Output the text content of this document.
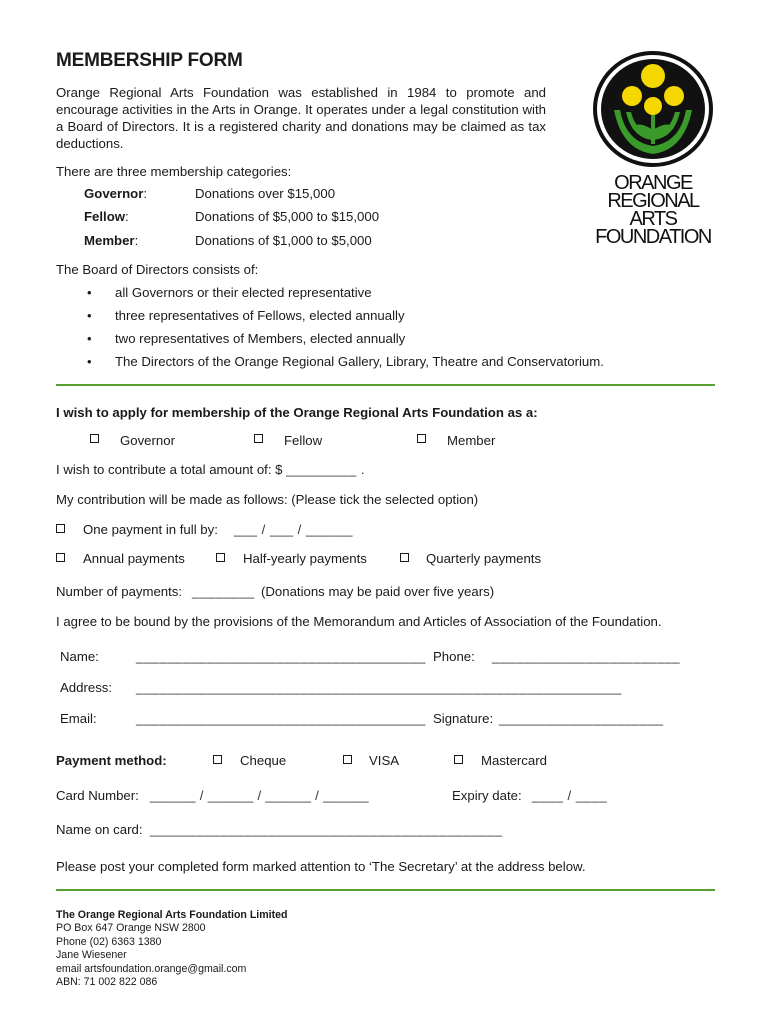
MEMBERSHIP FORM
Orange Regional Arts Foundation was established in 1984 to promote and encourage activities in the Arts in Orange. It operates under a legal constitution with a Board of Directors. It is a registered charity and donations may be claimed as tax deductions.
There are three membership categories:
Governor:	Donations over $15,000
Fellow:	Donations of $5,000 to $15,000
Member:	Donations of $1,000 to $5,000
The Board of Directors consists of:
• all Governors or their elected representative
• three representatives of Fellows, elected annually
• two representatives of Members, elected annually
• The Directors of the Orange Regional Gallery, Library, Theatre and Conservatorium.
ORANGE
REGIONAL
ARTS
FOUNDATION
I wish to apply for membership of the Orange Regional Arts Foundation as a:
Governor	Fellow	Member
I wish to contribute a total amount of: $ _________ .
My contribution will be made as follows: (Please tick the selected option)
One payment in full by: ___ / ___ / ______
Annual payments	Half-yearly payments	Quarterly payments
Number of payments: ________ (Donations may be paid over five years)
I agree to be bound by the provisions of the Memorandum and Articles of Association of the Foundation.
Name:	_____________________________________ Phone: ________________________
Address: ______________________________________________________________
Email:	_____________________________________ Signature: _____________________
Payment method:	Cheque	VISA	Mastercard
Card Number: ______ / ______ / ______ / ______	Expiry date: ____ / ____
Name on card: _____________________________________________
Please post your completed form marked attention to ‘The Secretary’ at the address below.
The Orange Regional Arts Foundation Limited
PO Box 647 Orange NSW 2800
Phone (02) 6363 1380
Jane Wiesener
email artsfoundation.orange@gmail.com
ABN: 71 002 822 086
